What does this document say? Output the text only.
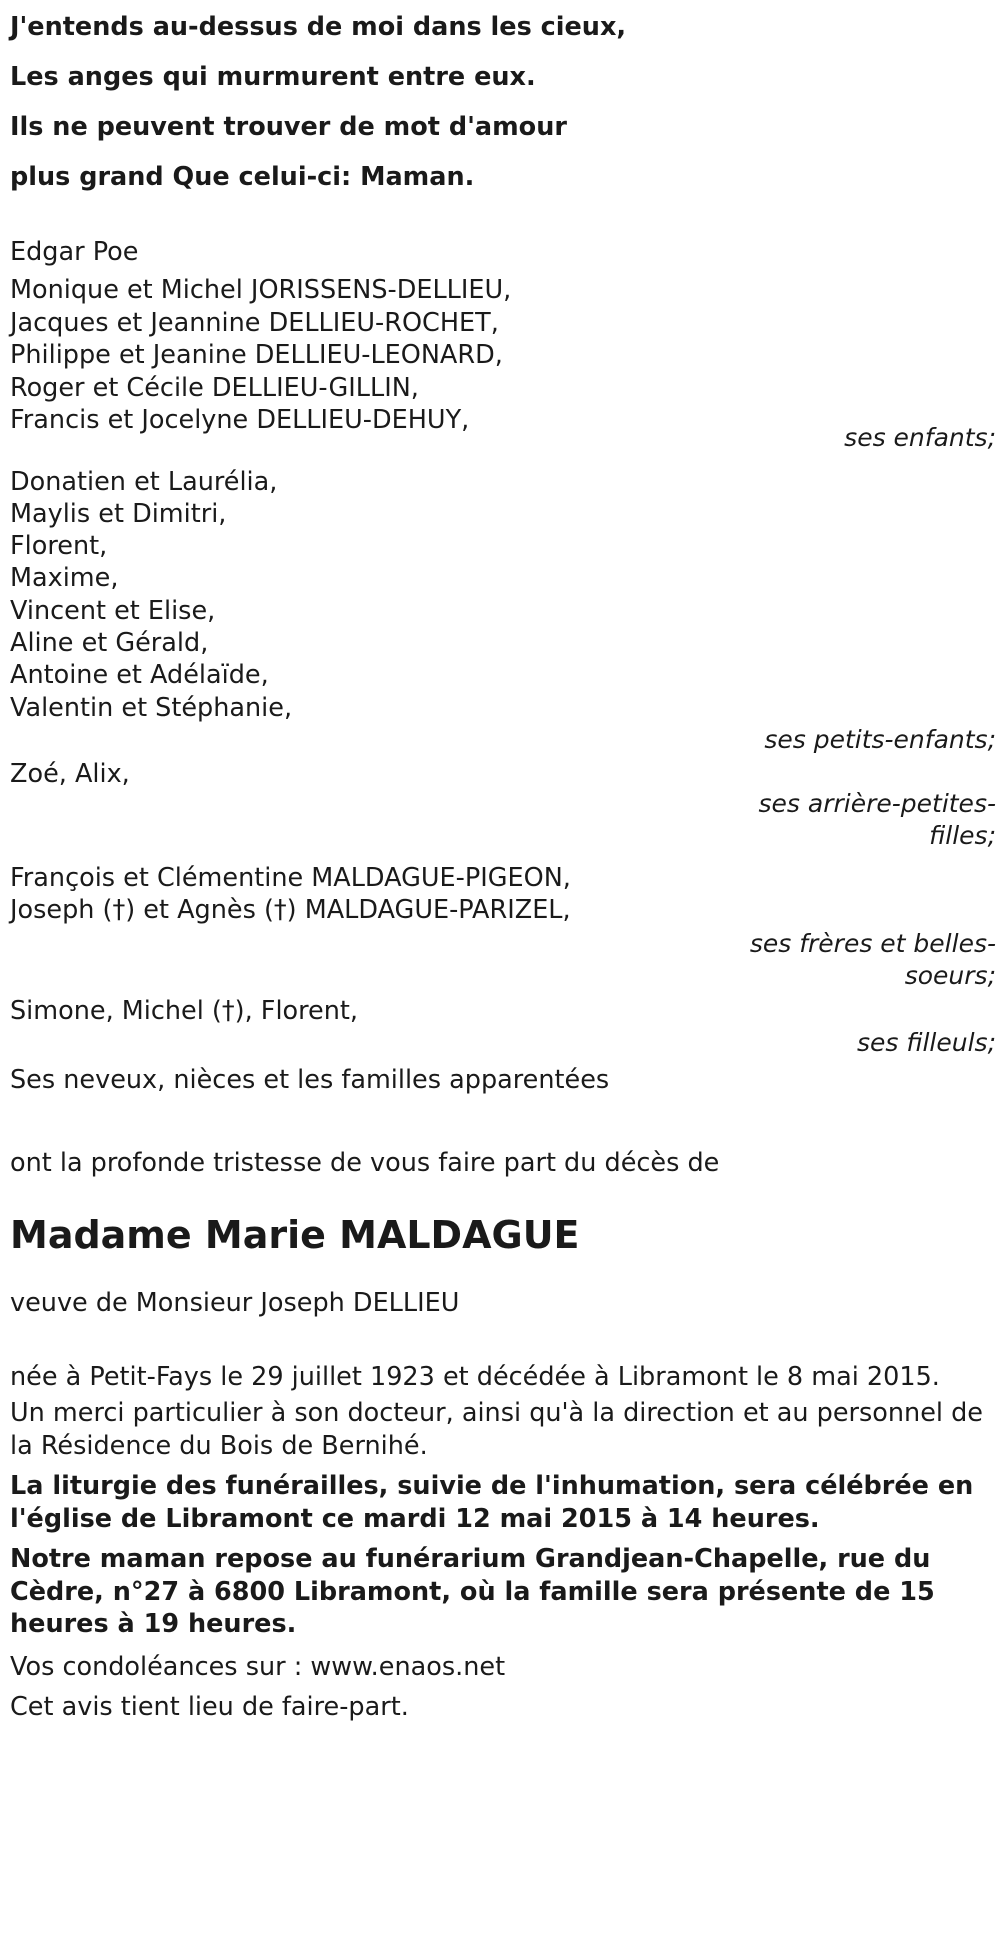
J'entends au-dessus de moi dans les cieux,
Les anges qui murmurent entre eux.
Ils ne peuvent trouver de mot d'amour
plus grand Que celui-ci: Maman.
Edgar Poe
Monique et Michel JORISSENS-DELLIEU,
Jacques et Jeannine DELLIEU-ROCHET,
Philippe et Jeanine DELLIEU-LEONARD,
Roger et Cécile DELLIEU-GILLIN,
Francis et Jocelyne DELLIEU-DEHUY,
ses enfants;
Donatien et Laurélia,
Maylis et Dimitri,
Florent,
Maxime,
Vincent et Elise,
Aline et Gérald,
Antoine et Adélaïde,
Valentin et Stéphanie,
ses petits-enfants;
Zoé, Alix,
ses arrière-petites-
filles;
François et Clémentine MALDAGUE-PIGEON,
Joseph (†) et Agnès (†) MALDAGUE-PARIZEL,
ses frères et belles-
soeurs;
Simone, Michel (†), Florent,
ses filleuls;
Ses neveux, nièces et les familles apparentées
ont la profonde tristesse de vous faire part du décès de
Madame Marie MALDAGUE
veuve de Monsieur Joseph DELLIEU
née à Petit-Fays le 29 juillet 1923 et décédée à Libramont le 8 mai 2015.
Un merci particulier à son docteur, ainsi qu'à la direction et au personnel de la Résidence du Bois de Bernihé.
La liturgie des funérailles, suivie de l'inhumation, sera célébrée en l'église de Libramont ce mardi 12 mai 2015 à 14 heures.
Notre maman repose au funérarium Grandjean-Chapelle, rue du Cèdre, n°27 à 6800 Libramont, où la famille sera présente de 15 heures à 19 heures.
Vos condoléances sur : www.enaos.net
Cet avis tient lieu de faire-part.
